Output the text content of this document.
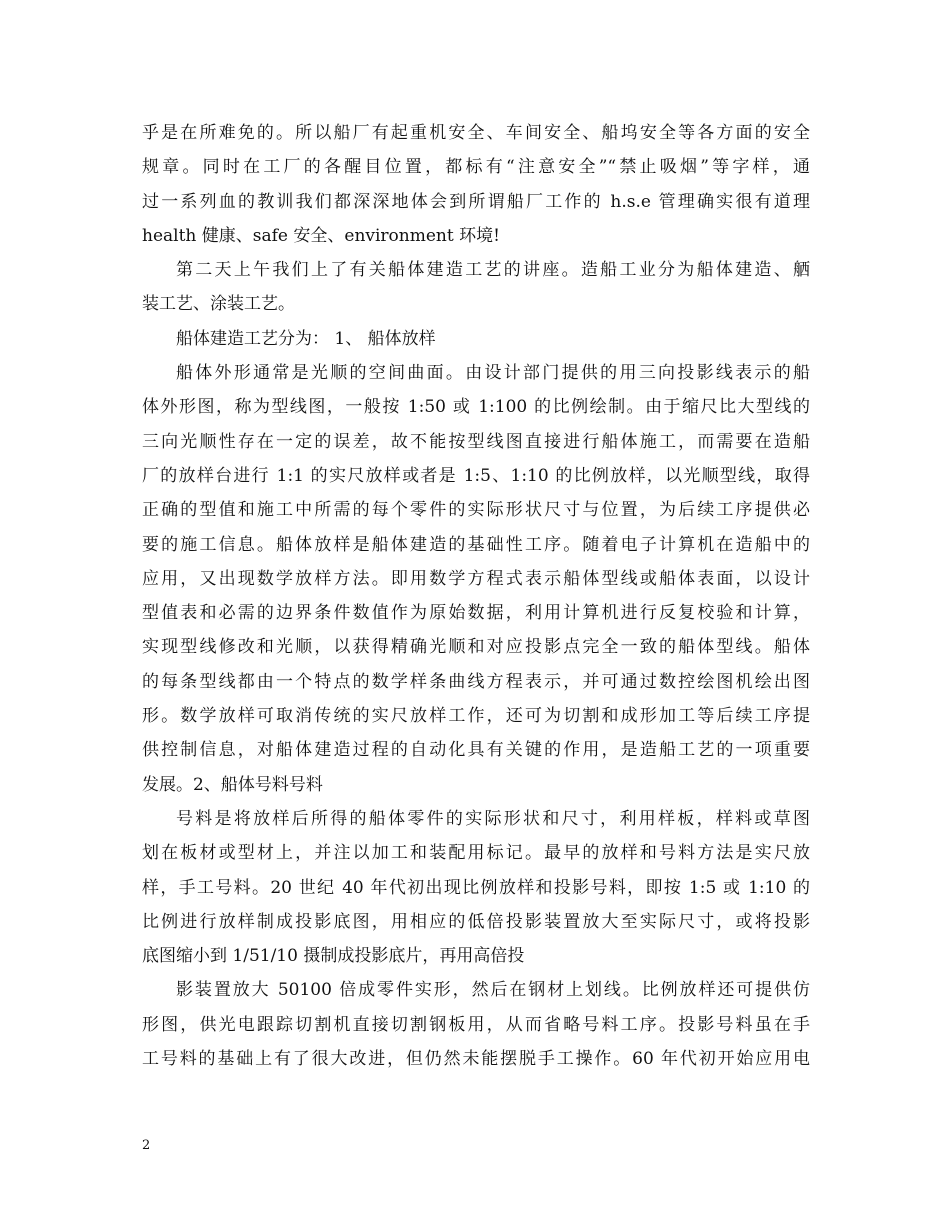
乎是在所难免的。所以船厂有起重机安全、车间安全、船坞安全等各方面的安全
规章。同时在工厂的各醒目位置，都标有“注意安全”“禁止吸烟”等字样，通
过一系列血的教训我们都深深地体会到所谓船厂工作的 h.s.e 管理确实很有道理
health 健康、safe 安全、environment 环境!
第二天上午我们上了有关船体建造工艺的讲座。造船工业分为船体建造、舾
装工艺、涂装工艺。
船体建造工艺分为： 1、 船体放样
船体外形通常是光顺的空间曲面。由设计部门提供的用三向投影线表示的船
体外形图，称为型线图，一般按 1:50 或 1:100 的比例绘制。由于缩尺比大型线的
三向光顺性存在一定的误差，故不能按型线图直接进行船体施工，而需要在造船
厂的放样台进行 1:1 的实尺放样或者是 1:5、1:10 的比例放样，以光顺型线，取得
正确的型值和施工中所需的每个零件的实际形状尺寸与位置，为后续工序提供必
要的施工信息。船体放样是船体建造的基础性工序。随着电子计算机在造船中的
应用，又出现数学放样方法。即用数学方程式表示船体型线或船体表面，以设计
型值表和必需的边界条件数值作为原始数据，利用计算机进行反复校验和计算，
实现型线修改和光顺，以获得精确光顺和对应投影点完全一致的船体型线。船体
的每条型线都由一个特点的数学样条曲线方程表示，并可通过数控绘图机绘出图
形。数学放样可取消传统的实尺放样工作，还可为切割和成形加工等后续工序提
供控制信息，对船体建造过程的自动化具有关键的作用，是造船工艺的一项重要
发展。2、船体号料号料
号料是将放样后所得的船体零件的实际形状和尺寸，利用样板，样料或草图
划在板材或型材上，并注以加工和装配用标记。最早的放样和号料方法是实尺放
样，手工号料。20 世纪 40 年代初出现比例放样和投影号料，即按 1:5 或 1:10 的
比例进行放样制成投影底图，用相应的低倍投影装置放大至实际尺寸，或将投影
底图缩小到 1/51/10 摄制成投影底片，再用高倍投
影装置放大 50100 倍成零件实形，然后在钢材上划线。比例放样还可提供仿
形图，供光电跟踪切割机直接切割钢板用，从而省略号料工序。投影号料虽在手
工号料的基础上有了很大改进，但仍然未能摆脱手工操作。60 年代初开始应用电
2
